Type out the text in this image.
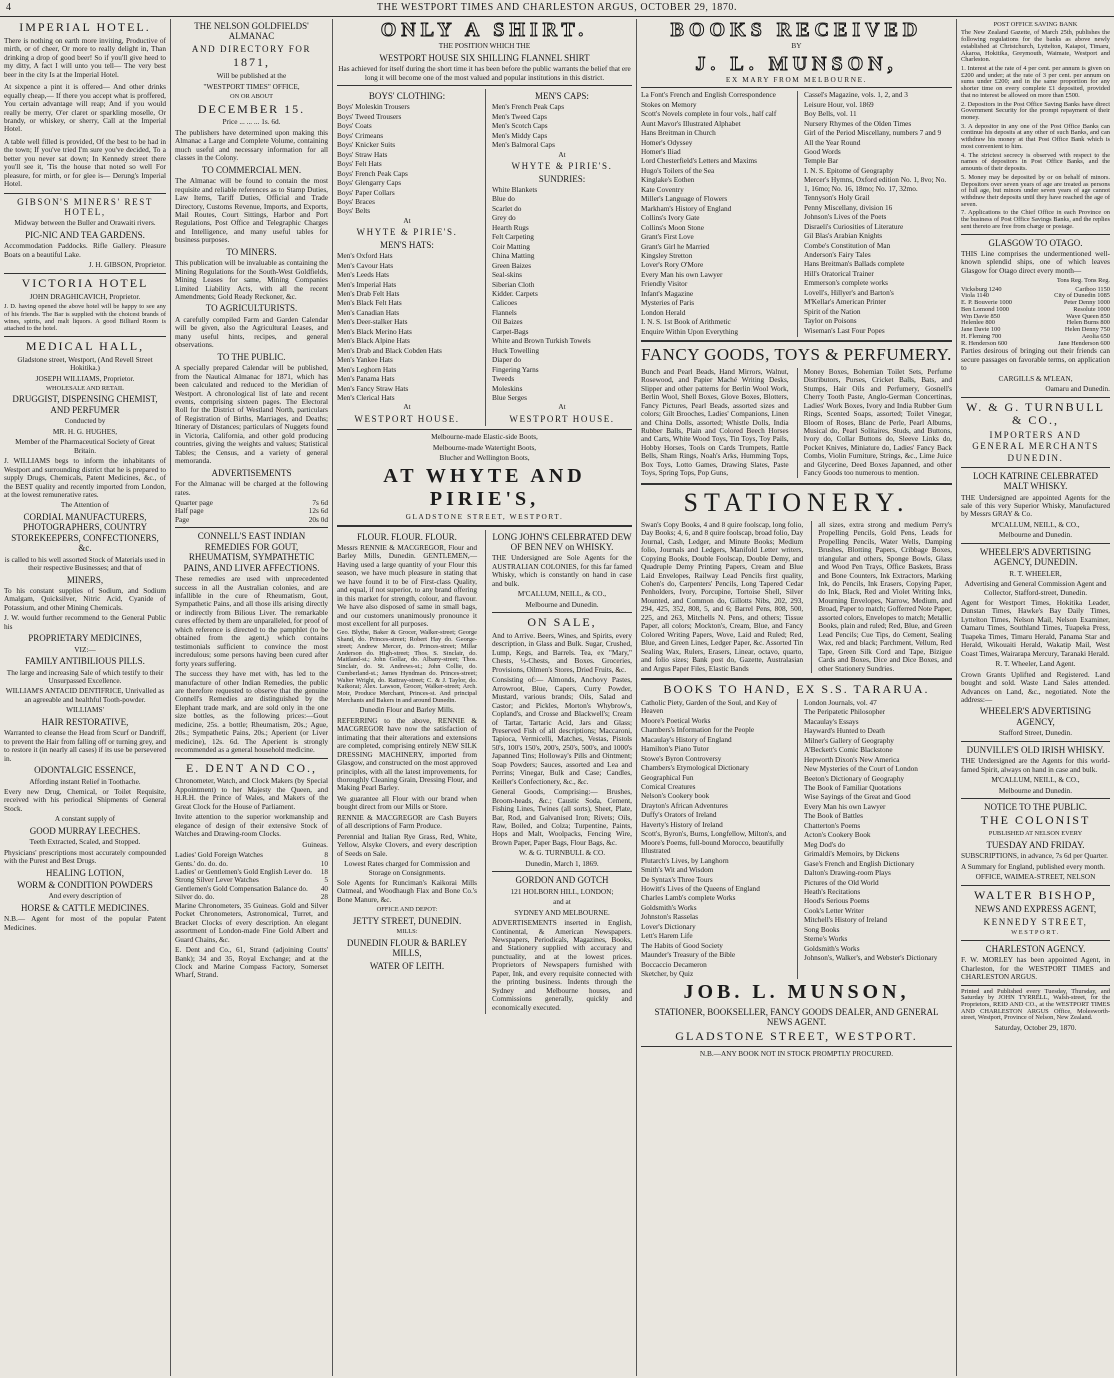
4	THE WESTPORT TIMES AND CHARLESTON ARGUS, OCTOBER 29, 1870.
IMPERIAL HOTEL.

There is nothing on earth more inviting, Productive of mirth, or of cheer, Or more to really delight in, Than drinking a drop of good beer! So if you'll give heed to my ditty, A fact I will unto you tell— The very best beer in the city Is at the Imperial Hotel.

At sixpence a pint it is offered— And other drinks equally cheap,— If there you accept what is proffered, You certain advantage will reap; And if you would really be merry, O'er claret or sparkling moselle, Or brandy, or whiskey, or sherry, Call at the Imperial Hotel.

A table well filled is provided, Of the best to be had in the town; If you've tried I'm sure you've decided, To a better you never sat down; In Kennedy street there you'll see it, 'Tis the house that noted so well For pleasure, for mirth, or for glee is— Derung's Imperial Hotel.

GIBSON'S MINERS' REST HOTEL,

Midway between the Buller and Orawaiti rivers.

PIC-NIC AND TEA GARDENS.

Accommodation Paddocks. Rifle Gallery. Pleasure Boats on a beautiful Lake.

J. H. GIBSON, Proprietor.

VICTORIA HOTEL

JOHN DRAGHICAVICH, Proprietor.

J. D. having opened the above hotel will be happy to see any of his friends. The Bar is supplied with the choicest brands of wines, spirits, and malt liquors. A good Billiard Room is attached to the hotel.

MEDICAL HALL,

Gladstone street, Westport, (And Revell Street Hokitika.)

JOSEPH WILLIAMS, Proprietor.

WHOLESALE AND RETAIL

DRUGGIST, DISPENSING CHEMIST, AND PERFUMER

Conducted by

MR. H. G. HUGHES,

Member of the Pharmaceutical Society of Great Britain.

J. WILLIAMS begs to inform the inhabitants of Westport and surrounding district that he is prepared to supply Drugs, Chemicals, Patent Medicines, &c., of the BEST quality and recently imported from London, at the lowest remunerative rates.

The Attention of

CORDIAL MANUFACTURERS, PHOTOGRAPHERS, COUNTRY STOREKEEPERS, CONFECTIONERS, &c.

is called to his well assorted Stock of Materials used in their respective Businesses; and that of

MINERS,

To his constant supplies of Sodium, and Sodium Amalgam, Quicksilver, Nitric Acid, Cyanide of Potassium, and other Mining Chemicals.

J. W. would further recommend to the General Public his

PROPRIETARY MEDICINES,

VIZ:—

FAMILY ANTIBILIOUS PILLS.

The large and increasing Sale of which testify to their Unsurpassed Excellence.

WILLIAM'S ANTACID DENTIFRICE, Unrivalled as an agreeable and healthful Tooth-powder.

WILLIAMS'

HAIR RESTORATIVE,

Warranted to cleanse the Head from Scurf or Dandriff, to prevent the Hair from falling off or turning grey, and to restore it (in nearly all cases) if its use be persevered in.

ODONTALGIC ESSENCE,

Affording instant Relief in Toothache.

Every new Drug, Chemical, or Toilet Requisite, received with his periodical Shipments of General Stock.

A constant supply of

GOOD MURRAY LEECHES.

Teeth Extracted, Scaled, and Stopped.

Physicians' prescriptions most accurately compounded with the Purest and Best Drugs.

HEALING LOTION,
WORM & CONDITION POWDERS

And every description of

HORSE & CATTLE MEDICINES.

N.B.— Agent for most of the popular Patent Medicines.

THE NELSON GOLDFIELDS' ALMANAC
AND DIRECTORY FOR
1871,

Will be published at the

"WESTPORT TIMES" OFFICE,

ON OR ABOUT

DECEMBER 15.

Price ... ... ... 1s. 6d.

The publishers have determined upon making this Almanac a Large and Complete Volume, containing much useful and necessary information for all classes in the Colony.

TO COMMERCIAL MEN.

The Almanac will be found to contain the most requisite and reliable references as to Stamp Duties, Law Items, Tariff Duties, Official and Trade Directory, Customs Revenue, Imports, and Exports, Mail Routes, Court Sittings, Harbor and Port Regulations, Post Office and Telegraphic Charges and Intelligence, and many useful tables for business purposes.

TO MINERS.

This publication will be invaluable as containing the Mining Regulations for the South-West Goldfields, Mining Leases for same, Mining Companies Limited Liability Acts, with all the recent Amendments; Gold Ready Reckoner, &c.

TO AGRICULTURISTS.

A carefully compiled Farm and Garden Calendar will be given, also the Agricultural Leases, and many useful hints, recipes, and general observations.

TO THE PUBLIC.

A specially prepared Calendar will be published, from the Nautical Almanac for 1871, which has been calculated and reduced to the Meridian of Westport. A chronological list of late and recent events, comprising sixteen pages. The Electoral Roll for the District of Westland North, particulars of Registration of Births, Marriages, and Deaths; Itinerary of Distances; particulars of Nuggets found in Victoria, California, and other gold producing countries, giving the weights and values; Statistical Tables; the Census, and a variety of general memoranda.

ADVERTISEMENTS

For the Almanac will be charged at the following rates.

Quarter page	7s 6d
Half page	12s 6d
Page	20s 0d
CONNELL'S EAST INDIAN REMEDIES FOR GOUT, RHEUMATISM, SYMPATHETIC PAINS, AND LIVER AFFECTIONS.

These remedies are used with unprecedented success in all the Australian colonies, and are infallible in the cure of Rheumatism, Gout, Sympathetic Pains, and all those ills arising directly or indirectly from Bilious Liver. The remarkable cures effected by them are unparalleled, for proof of which reference is directed to the pamphlet (to be obtained from the agent,) which contains testimonials sufficient to convince the most incredulous; some persons having been cured after forty years suffering.

The success they have met with, has led to the manufacture of other Indian Remedies, the public are therefore requested to observe that the genuine Connell's Remedies are distinguished by the Elephant trade mark, and are sold only in the one size bottles, as the following prices:—Gout medicine, 25s. a bottle; Rheumatism, 20s.; Ague, 20s.; Sympathetic Pains, 20s.; Aperient (or Liver medicine), 12s. 6d. The Aperient is strongly recommended as a general household medicine.

E. DENT AND CO.,

Chronometer, Watch, and Clock Makers (by Special Appointment) to her Majesty the Queen, and H.R.H. the Prince of Wales, and Makers of the Great Clock for the House of Parliament.

Invite attention to the superior workmanship and elegance of design of their extensive Stock of Watches and Drawing-room Clocks.

Guineas.

Ladies' Gold Foreign Watches	8
Gents.' do. do. do.	10
Ladies' or Gentlemen's Gold English Lever do. 18
Strong Silver Lever Watches	5
Gentlemen's Gold Compensation Balance do. 40
Silver do. do.	28

Marine Chronometers, 35 Guineas. Gold and Silver Pocket Chronometers, Astronomical, Turret, and Bracket Clocks of every description. An elegant assortment of London-made Fine Gold Albert and Guard Chains, &c.

E. Dent and Co., 61, Strand (adjoining Coutts' Bank); 34 and 35, Royal Exchange; and at the Clock and Marine Compass Factory, Somerset Wharf, Strand.

ONLY A SHIRT.

THE POSITION WHICH THE

WESTPORT HOUSE SIX SHILLING FLANNEL SHIRT

Has achieved for itself during the short time it has been before the public warrants the belief that ere long it will become one of the most valued and popular institutions in this district.

BOYS' CLOTHING:
Boys' Moleskin Trousers
Boys' Tweed Trousers
Boys' Coats
Boys' Crimeans
Boys' Knicker Suits
Boys' Straw Hats
Boys' Felt Hats
Boys' French Peak Caps
Boys' Glengarry Caps
Boys' Paper Collars
Boys' Braces
Boys' Belts

At

WHYTE & PIRIE'S.
MEN'S HATS:
Men's Oxford Hats
Men's Cavour Hats
Men's Leeds Hats
Men's Imperial Hats
Men's Drab Felt Hats
Men's Black Felt Hats
Men's Canadian Hats
Men's Deer-stalker Hats
Men's Black Merino Hats
Men's Black Alpine Hats
Men's Drab and Black Cobden Hats
Men's Yankee Hats
Men's Leghorn Hats
Men's Panama Hats
Men's Fancy Straw Hats
Men's Clerical Hats

At

WESTPORT HOUSE.
MEN'S CAPS:
Men's French Peak Caps
Men's Tweed Caps
Men's Scotch Caps
Men's Middy Caps
Men's Balmoral Caps

At

WHYTE & PIRIE'S.
SUNDRIES:
White Blankets
Blue do
Scarlet do
Grey do
Hearth Rugs
Felt Carpeting
Coir Matting
China Matting
Green Baizes
Seal-skins
Siberian Cloth
Kidder. Carpets
Calicoes
Flannels
Oil Baizes
Carpet-Bags
White and Brown Turkish Towels
Huck Towelling
Diaper do
Fingering Yarns
Tweeds
Moleskins
Blue Serges

At

WESTPORT HOUSE.

Melbourne-made Elastic-side Boots,

Melbourne-made Watertight Boots,

Blucher and Wellington Boots,

AT WHYTE AND PIRIE'S,

GLADSTONE STREET, WESTPORT.

FLOUR. FLOUR. FLOUR.

Messrs RENNIE & MACGREGOR, Flour and Barley Mills, Dunedin. GENTLEMEN,—Having used a large quantity of your Flour this season, we have much pleasure in stating that we have found it to be of First-class Quality, and equal, if not superior, to any brand offering in this market for strength, colour, and flavour. We have also disposed of same in small bags, and our customers unanimously pronounce it most excellent for all purposes.

Geo. Blythe, Baker & Grocer, Walker-street; George Shand, do. Princes-street; Robert Hay do. George-street; Andrew Mercer, do. Princes-street; Millar Anderson do. High-street; Thos. S. Sinclair, do. Maitland-st.; John Gollar, do. Albany-street; Thos. Sinclair, do. St. Andrews-st.; John Collie, do. Cumberland-st.; James Hyndman do. Princes-street; Walter Wright, do. Rattray-street; C. & J. Taylor, do. Kaikorai; Alex. Lawson, Grocer, Walker-street; Arch. Moir, Produce Merchant, Princes-st. And principal Merchants and Bakers in and around Dunedin.

Dunedin Flour and Barley Mills.

REFERRING to the above, RENNIE & MACGREGOR have now the satisfaction of intimating that their alterations and extensions are completed, comprising entirely NEW SILK DRESSING MACHINERY, imported from Glasgow, and constructed on the most approved principles, with all the latest improvements, for thoroughly Cleaning Grain, Dressing Flour, and Making Pearl Barley.

We guarantee all Flour with our brand when bought direct from our Mills or Store.

RENNIE & MACGREGOR are Cash Buyers of all descriptions of Farm Produce.

Perennial and Italian Rye Grass, Red, White, Yellow, Alsyke Clovers, and every description of Seeds on Sale.

Lowest Rates charged for Commission and Storage on Consignments.

Sole Agents for Runciman's Kaikorai Mills Oatmeal, and Woodhaugh Flax and Bone Co.'s Bone Manure, &c.

OFFICE AND DEPOT:

JETTY STREET, DUNEDIN.

MILLS:

DUNEDIN FLOUR & BARLEY MILLS,
WATER OF LEITH.
LONG JOHN'S CELEBRATED DEW OF BEN NEV on WHISKY.

THE Undersigned are Sole Agents for the AUSTRALIAN COLONIES, for this far famed Whisky, which is constantly on hand in case and bulk.

M'CALLUM, NEILL, & CO.,

Melbourne and Dunedin.

ON SALE,

And to Arrive. Beers, Wines, and Spirits, every description, in Glass and Bulk. Sugar, Crushed, Lump, Kegs, and Barrels. Tea, ex "Mary," Chests, ½-Chests, and Boxes. Groceries, Provisions, Oilmen's Stores, Dried Fruits, &c.

Consisting of:— Almonds, Anchovy Pastes, Arrowroot, Blue, Capers, Curry Powder, Mustard, various brands; Oils, Salad and Castor; and Pickles, Morton's Whybrow's, Copland's, and Crosse and Blackwell's; Cream of Tartar, Tartaric Acid, Jars and Glass; Preserved Fish of all descriptions; Maccaroni, Tapioca, Vermicelli, Matches, Vestas, Pistols 50's, 100's 150's, 200's, 250's, 500's, and 1000's Japanned Tins; Holloway's Pills and Ointment; Soap Powders; Sauces, assorted and Lea and Perrins; Vinegar, Bulk and Case; Candles, Keiller's Confectionery, &c., &c.

General Goods, Comprising:— Brushes, Broom-heads, &c.; Caustic Soda, Cement, Fishing Lines, Twines (all sorts), Sheet, Plate, Bar, Rod, and Galvanised Iron; Rivets; Oils, Raw, Boiled, and Colza; Turpentine, Paints, Hops and Malt, Woolpacks, Fencing Wire, Brown Paper, Paper Bags, Flour Bags, &c.

W. & G. TURNBULL & CO.

Dunedin, March 1, 1869.

GORDON AND GOTCH

121 HOLBORN HILL, LONDON;

and at

SYDNEY AND MELBOURNE.

ADVERTISEMENTS inserted in English, Continental, & American Newspapers. Newspapers, Periodicals, Magazines, Books, and Stationery supplied with accuracy and punctuality, and at the lowest prices. Proprietors of Newspapers furnished with Paper, Ink, and every requisite connected with the printing business. Indents through the Sydney and Melbourne houses, and Commissions generally, quickly and economically executed.

BOOKS RECEIVED

BY

J. L. MUNSON,

EX MARY FROM MELBOURNE.

La Font's French and English Correspondence
Stokes on Memory
Scott's Novels complete in four vols., half calf
Aunt Mavor's Illustrated Alphabet
Hans Breitman in Church
Homer's Odyssey
Homer's Iliad
Lord Chesterfield's Letters and Maxims
Hugo's Toilers of the Sea
Kinglake's Eothen
Kate Coventry
Miller's Language of Flowers
Markham's History of England
Collins's Ivory Gate
Collins's Moon Stone
Grant's First Love
Grant's Girl he Married
Kingsley Stretton
Lover's Rory O'More
Every Man his own Lawyer
Friendly Visitor
Infant's Magazine
Mysteries of Paris
London Herald
I. N. S. 1st Book of Arithmetic
Enquire Within Upon Everything
Cassel's Magazine, vols. 1, 2, and 3
Leisure Hour, vol. 1869
Boy Bells, vol. 11
Nursery Rhymes of the Olden Times
Girl of the Period Miscellany, numbers 7 and 9
All the Year Round
Good Words
Temple Bar
I. N. S. Epitome of Geography
Mercer's Hymns, Oxford edition No. 1, 8vo; No. 1, 16mo; No. 16, 18mo; No. 17, 32mo.
Tennyson's Holy Grail
Penny Miscellany, division 16
Johnson's Lives of the Poets
Disraeli's Curiosities of Literature
Gil Blas's Arabian Knights
Combe's Constitution of Man
Anderson's Fairy Tales
Hans Breitman's Ballads complete
Hill's Oratorical Trainer
Emmerson's complete works
Lovell's, Hillyer's and Barton's
M'Kellar's American Printer
Spirit of the Nation
Taylor on Poisons
Wiseman's Last Four Popes
FANCY GOODS, TOYS & PERFUMERY.

Bunch and Pearl Beads, Hand Mirrors, Walnut, Rosewood, and Papier Maché Writing Desks, Slipper and other patterns for Berlin Wool Work, Berlin Wool, Shell Boxes, Glove Boxes, Blotters, Fancy Pictures, Pearl Beads, assorted sizes and colors; Gilt Brooches, Ladies' Companions, Linen and China Dolls, assorted; Whistle Dolls, India Rubber Balls, Plain and Colored Beech Horses and Carts, White Wood Toys, Tin Toys, Toy Pails, Hobby Horses, Tools on Cards Trumpets, Rattle Bells, Sham Rings, Noah's Arks, Humming Tops, Box Toys, Lotto Games, Drawing Slates, Paste Toys, Spring Tops, Pop Guns,

Money Boxes, Bohemian Toilet Sets, Perfume Distributors, Purses, Cricket Balls, Bats, and Stumps, Hair Oils and Perfumery, Gosnell's Cherry Tooth Paste, Anglo-German Concertinas, Ladies' Work Boxes, Ivory and India Rubber Gum Rings, Scented Soaps, assorted; Toilet Vinegar, Bloom of Roses, Blanc de Perle, Pearl Albums, Musical do, Pearl Solitaires, Studs, and Buttons, Ivory do, Collar Buttons do, Sleeve Links do, Pocket Knives, Miniature do, Ladies' Fancy Back Combs, Violin Furniture, Strings, &c., Lime Juice and Glycerine, Deed Boxes Japanned, and other Fancy Goods too numerous to mention.

STATIONERY.

Swan's Copy Books, 4 and 8 quire foolscap, long folio, Day Books; 4, 6, and 8 quire foolscap, broad folio, Day Journal, Cash, Ledger, and Minute Books; Medium folio, Journals and Ledgers, Manifold Letter writers, Copying Books, Double Foolscap, Double Demy, and Quadruple Demy Printing Papers, Cream and Blue Laid Envelopes, Railway Lead Pencils first quality, Cohen's do, Carpenters' Pencils, Long Tapered Cedar Penholders, Ivory, Porcupine, Tortoise Shell, Silver Mounted, and Common do, Gillotts Nibs, 202, 293, 294, 425, 352, 808, 5, and 6; Barrel Pens, 808, 500, 225, and 263, Mitchells N. Pens, and others; Tissue Paper, all colors; Mockton's, Cream, Blue, and Fancy Colored Writing Papers, Wove, Laid and Ruled; Red, Blue, and Green Lines, Ledger Paper, &c. Assorted Tin Sealing Wax, Rulers, Erasers, Linear, octavo, quarto, and folio sizes; Bank post do, Gazette, Australasian and Argus Paper Files, Elastic Bands

all sizes, extra strong and medium Perry's Propelling Pencils, Gold Pens, Leads for Propelling Pencils, Water Wells, Damping Brushes, Blotting Papers, Cribbage Boxes, triangular and others, Sponge Bowls, Glass and Wood Pen Trays, Office Baskets, Brass and Bone Counters, Ink Extractors, Marking Ink, do Pencils, Ink Erasers, Copying Paper, do Ink, Black, Red and Violet Writing Inks, Mourning Envelopes, Narrow, Medium, and Broad, Paper to match; Gofferred Note Paper, assorted colors, Envelopes to match; Metallic Books, plain and ruled; Red, Blue, and Green Lead Pencils; Cue Tips, do Cement, Sealing Wax, red and black; Parchment, Vellum, Red Tape, Green Silk Cord and Tape, Bizigue Cards and Boxes, Dice and Dice Boxes, and other Stationery Sundries.

BOOKS TO HAND, EX S.S. TARARUA.
Catholic Piety, Garden of the Soul, and Key of Heaven
Moore's Poetical Works
Chambers's Information for the People
Macaulay's History of England
Hamilton's Piano Tutor
Stowe's Byron Controversy
Chambers's Etymological Dictionary
Geographical Fun
Comical Creatures
Nelson's Cookery book
Drayton's African Adventures
Duffy's Orators of Ireland
Haverty's History of Ireland
Scott's, Byron's, Burns, Longfellow, Milton's, and Moore's Poems, full-bound Morocco, beautifully Illustrated
Plutarch's Lives, by Langhorn
Smith's Wit and Wisdom
De Syntax's Three Tours
Howitt's Lives of the Queens of England
Charles Lamb's complete Works
Goldsmith's Works
Johnston's Rasselas
Lover's Dictionary
Lett's Harem Life
The Habits of Good Society
Maunder's Treasury of the Bible
Boccaccio Decameron
Sketcher, by Quiz
London Journals, vol. 47
The Peripatetic Philosopher
Macaulay's Essays
Hayward's Hunted to Death
Milner's Gallery of Geography
A'Beckett's Comic Blackstone
Hepworth Dixon's New America
New Mysteries of the Court of London
Beeton's Dictionary of Geography
The Book of Familiar Quotations
Wise Sayings of the Great and Good
Every Man his own Lawyer
The Book of Battles
Chatterton's Poems
Acton's Cookery Book
Meg Dod's do
Grimaldi's Memoirs, by Dickens
Gase's French and English Dictionary
Dalton's Drawing-room Plays
Pictures of the Old World
Heath's Recitations
Hood's Serious Poems
Cook's Letter Writer
Mitchell's History of Ireland
Song Books
Sterne's Works
Goldsmith's Works
Johnson's, Walker's, and Webster's Dictionary
JOB. L. MUNSON,
STATIONER, BOOKSELLER, FANCY GOODS DEALER, AND GENERAL NEWS AGENT.
GLADSTONE STREET, WESTPORT.

N.B.—ANY BOOK NOT IN STOCK PROMPTLY PROCURED.

POST OFFICE SAVING BANK

The New Zealand Gazette, of March 25th, publishes the following regulations for the banks as above newly established at Christchurch, Lyttelton, Kaiapoi, Timaru, Akaroa, Hokitika, Greymouth, Waimate, Westport and Charleston.

1. Interest at the rate of 4 per cent. per annum is given on £200 and under; at the rate of 3 per cent. per annum on sums under £200; and in the same proportion for any shorter time on every complete £1 deposited, provided that no interest be allowed on more than £500.

2. Depositors in the Post Office Saving Banks have direct Government Security for the prompt repayment of their money.

3. A depositor in any one of the Post Office Banks can continue his deposits at any other of such Banks, and can withdraw his money at that Post Office Bank which is most convenient to him.

4. The strictest secrecy is observed with respect to the names of depositors in Post Office Banks, and the amounts of their deposits.

5. Money may be deposited by or on behalf of minors. Depositors over seven years of age are treated as persons of full age, but minors under seven years of age cannot withdraw their deposits until they have reached the age of seven.

7. Applications to the Chief Office in each Province on the business of Post Office Savings Banks, and the replies sent thereto are free from charge or postage.

GLASGOW TO OTAGO.

THIS Line comprises the undermentioned well-known splendid ships, one of which leaves Glasgow for Otago direct every month—

Tons Reg. Tons Reg.

Vicksburg 1240	Cariboo 1150
Viola 1140	City of Dunedin 1085
E. P. Bouverie 1000	Peter Denny 1000
Ben Lomond 1000	Resolute 1000
Wm Davie 850	Wave Queen 850
Helenlee 800	Helen Burns 800
Jane Davie 100	Helen Denny 750
H. Fleming 700	Aeolia 650
R. Henderson 600	Jane Henderson 600

Parties desirous of bringing out their friends can secure passages on favorable terms, on application to

CARGILLS & M'LEAN,

Oamaru and Dunedin.

W. & G. TURNBULL & CO.,
IMPORTERS AND GENERAL MERCHANTS
DUNEDIN.
LOCH KATRINE CELEBRATED MALT WHISKY.

THE Undersigned are appointed Agents for the sale of this very Superior Whisky, Manufactured by Messrs GRAY & Co.

M'CALLUM, NEILL, & CO.,

Melbourne and Dunedin.

WHEELER'S ADVERTISING AGENCY, DUNEDIN.

R. T. WHEELER,

Advertising and General Commission Agent and Collector, Stafford-street, Dunedin.

Agent for Westport Times, Hokitika Leader, Dunstan Times, Hawke's Bay Daily Times, Lyttelton Times, Nelson Mail, Nelson Examiner, Oamaru Times, Southland Times, Tuapeka Press, Tuapeka Times, Timaru Herald, Panama Star and Herald, Wikouaiti Herald, Wakatip Mail, West Coast Times, Wairarapa Mercury, Taranaki Herald.

R. T. Wheeler, Land Agent.

Crown Grants Uplifted and Registered. Land bought and sold. Waste Land Sales attended. Advances on Land, &c., negotiated. Note the address:—

WHEELER'S ADVERTISING AGENCY,

Stafford Street, Dunedin.

DUNVILLE'S OLD IRISH WHISKY.

THE Undersigned are the Agents for this world-famed Spirit, always on hand in case and bulk.

M'CALLUM, NEILL, & CO.,

Melbourne and Dunedin.

NOTICE TO THE PUBLIC.
THE COLONIST

PUBLISHED AT NELSON EVERY

TUESDAY AND FRIDAY.

SUBSCRIPTIONS, in advance, 7s 6d per Quarter.

A Summary for England, published every month.

OFFICE, WAIMEA-STREET, NELSON

WALTER BISHOP,
NEWS AND EXPRESS AGENT,
KENNEDY STREET,

WESTPORT.

CHARLESTON AGENCY.

F. W. MORLEY has been appointed Agent, in Charleston, for the WESTPORT TIMES and CHARLESTON ARGUS.

Printed and Published every Tuesday, Thursday, and Saturday by JOHN TYRRELL, Walsh-street, for the Proprietors, REID AND CO., at the WESTPORT TIMES AND CHARLESTON ARGUS Office, Molesworth-street, Westport, Province of Nelson, New Zealand.

Saturday, October 29, 1870.
